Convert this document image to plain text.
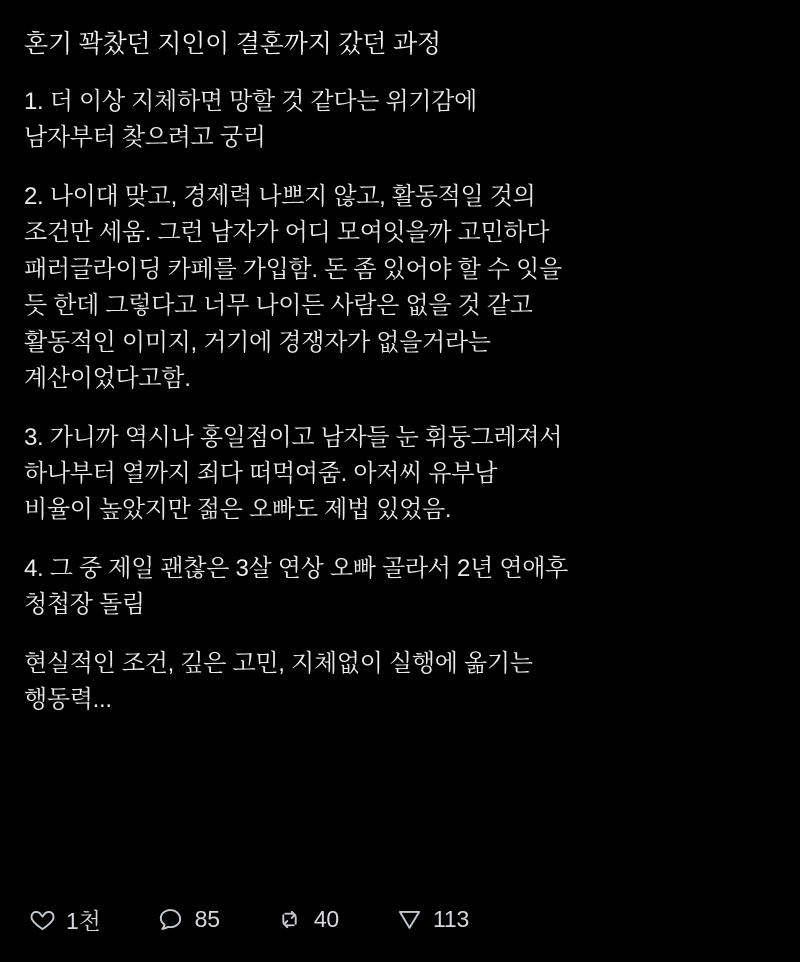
혼기 꽉찼던 지인이 결혼까지 갔던 과정

1. 더 이상 지체하면 망할 것 같다는 위기감에
남자부터 찾으려고 궁리

2. 나이대 맞고, 경제력 나쁘지 않고, 활동적일 것의
조건만 세움. 그런 남자가 어디 모여잇을까 고민하다
패러글라이딩 카페를 가입함. 돈 좀 있어야 할 수 잇을
듯 한데 그렇다고 너무 나이든 사람은 없을 것 같고
활동적인 이미지, 거기에 경쟁자가 없을거라는
계산이었다고함.

3. 가니까 역시나 홍일점이고 남자들 눈 휘둥그레져서
하나부터 열까지 죄다 떠먹여줌. 아저씨 유부남
비율이 높았지만 젊은 오빠도 제법 있었음.

4. 그 중 제일 괜찮은 3살 연상 오빠 골라서 2년 연애후
청첩장 돌림

현실적인 조건, 깊은 고민, 지체없이 실행에 옮기는
행동력...

1천	85	40	113
